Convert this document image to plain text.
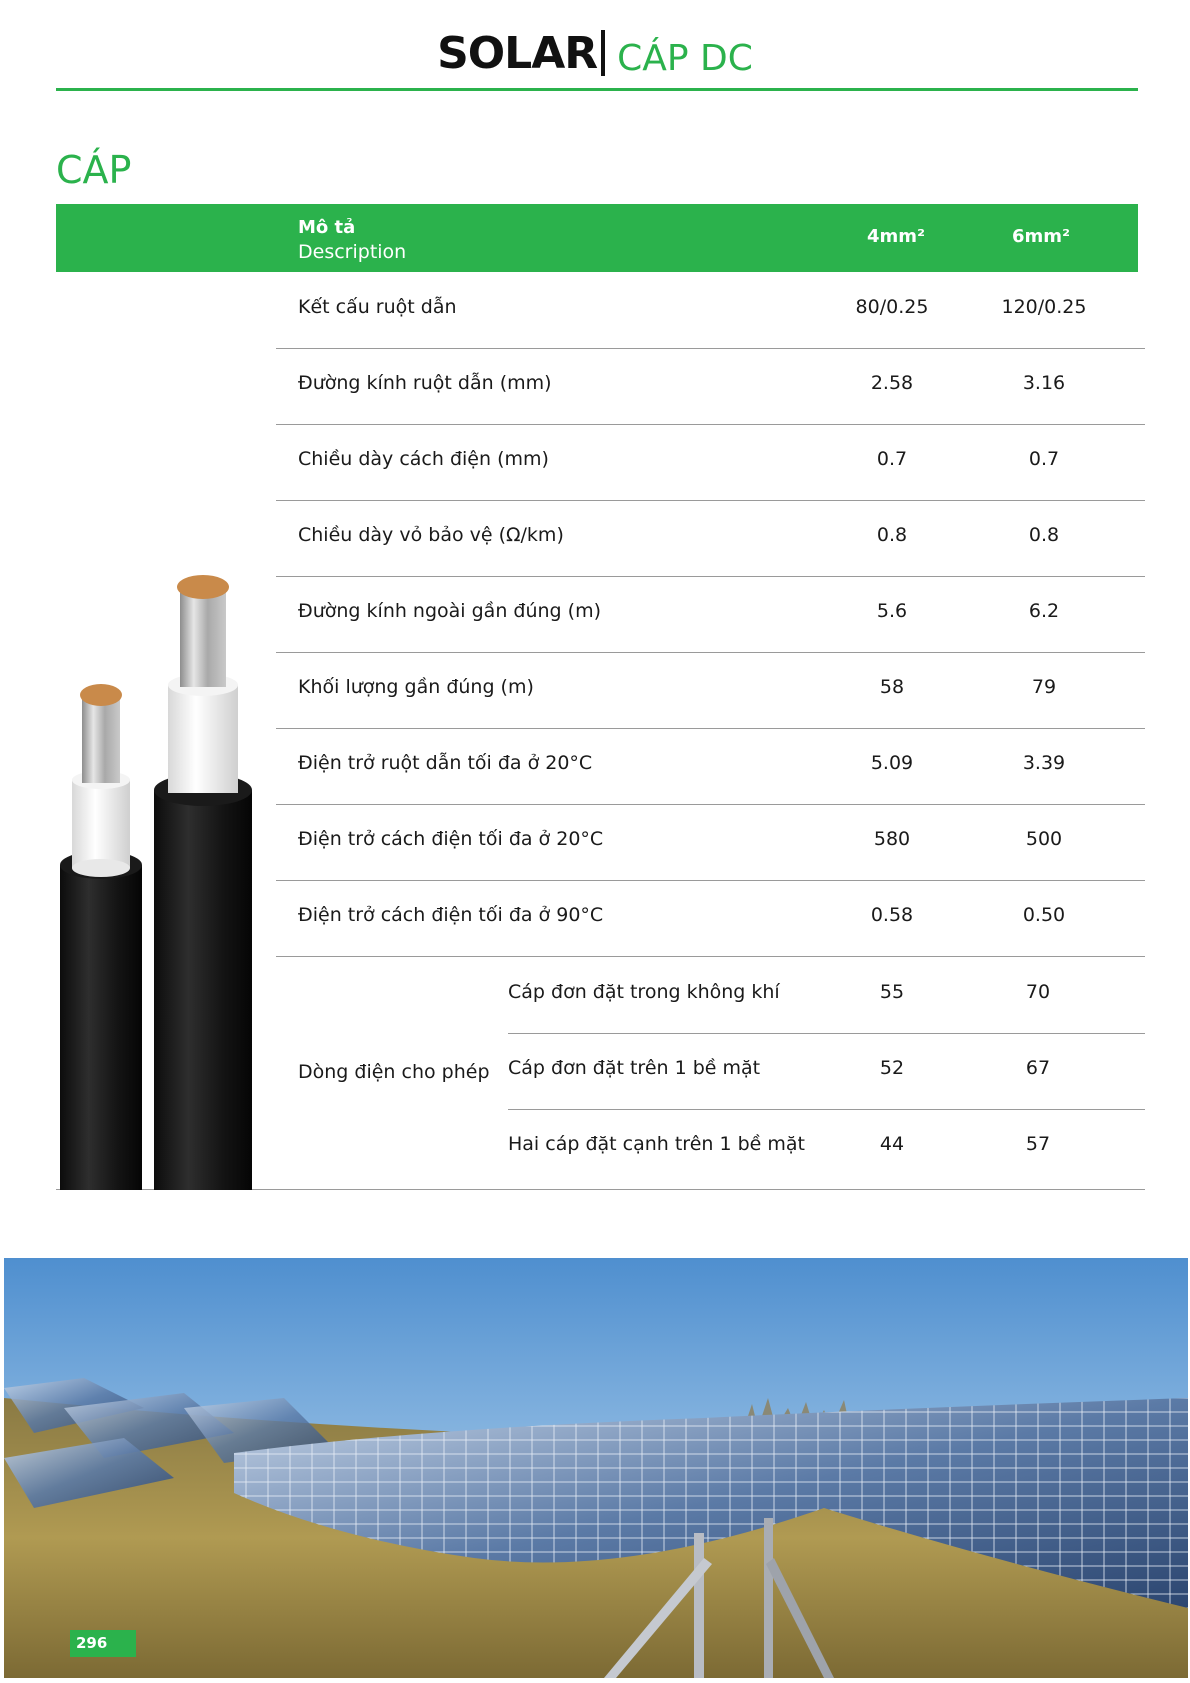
SOLAR CÁP DC
CÁP
Mô tả
Description
4mm²	6mm²
Kết cấu ruột dẫn	80/0.25	120/0.25
Đường kính ruột dẫn (mm)	2.58	3.16
Chiều dày cách điện (mm)	0.7	0.7
Chiều dày vỏ bảo vệ (Ω/km)	0.8	0.8
Đường kính ngoài gần đúng (m)	5.6	6.2
Khối lượng gần đúng (m)	58	79
Điện trở ruột dẫn tối đa ở 20°C	5.09	3.39
Điện trở cách điện tối đa ở 20°C	580	500
Điện trở cách điện tối đa ở 90°C	0.58	0.50
Dòng điện cho phép
Cáp đơn đặt trong không khí	55	70
Cáp đơn đặt trên 1 bề mặt	52	67
Hai cáp đặt cạnh trên 1 bề mặt	44	57
296
